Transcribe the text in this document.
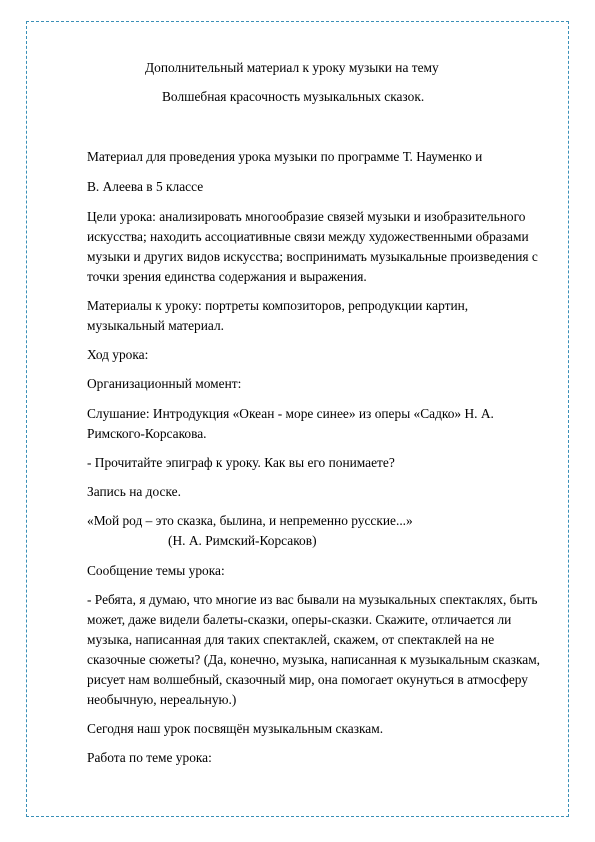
Дополнительный материал к уроку музыки на тему
Волшебная красочность музыкальных сказок.
Материал для проведения урока музыки по программе Т. Науменко и
В. Алеева в 5 классе
Цели урока: анализировать многообразие связей музыки и изобразительного
искусства; находить ассоциативные связи между художественными образами
музыки и других видов искусства; воспринимать музыкальные произведения с
точки зрения единства содержания и выражения.
Материалы к уроку: портреты композиторов, репродукции картин,
музыкальный материал.
Ход урока:
Организационный момент:
Слушание: Интродукция «Океан - море синее» из оперы «Садко» Н. А.
Римского-Корсакова.
- Прочитайте эпиграф к уроку. Как вы его понимаете?
Запись на доске.
«Мой род – это сказка, былина, и непременно русские...»
(Н. А. Римский-Корсаков)
Сообщение темы урока:
- Ребята, я думаю, что многие из вас бывали на музыкальных спектаклях, быть
может, даже видели балеты-сказки, оперы-сказки. Скажите, отличается ли
музыка, написанная для таких спектаклей, скажем, от спектаклей на не
сказочные сюжеты? (Да, конечно, музыка, написанная к музыкальным сказкам,
рисует нам волшебный, сказочный мир, она помогает окунуться в атмосферу
необычную, нереальную.)
Сегодня наш урок посвящён музыкальным сказкам.
Работа по теме урока:
